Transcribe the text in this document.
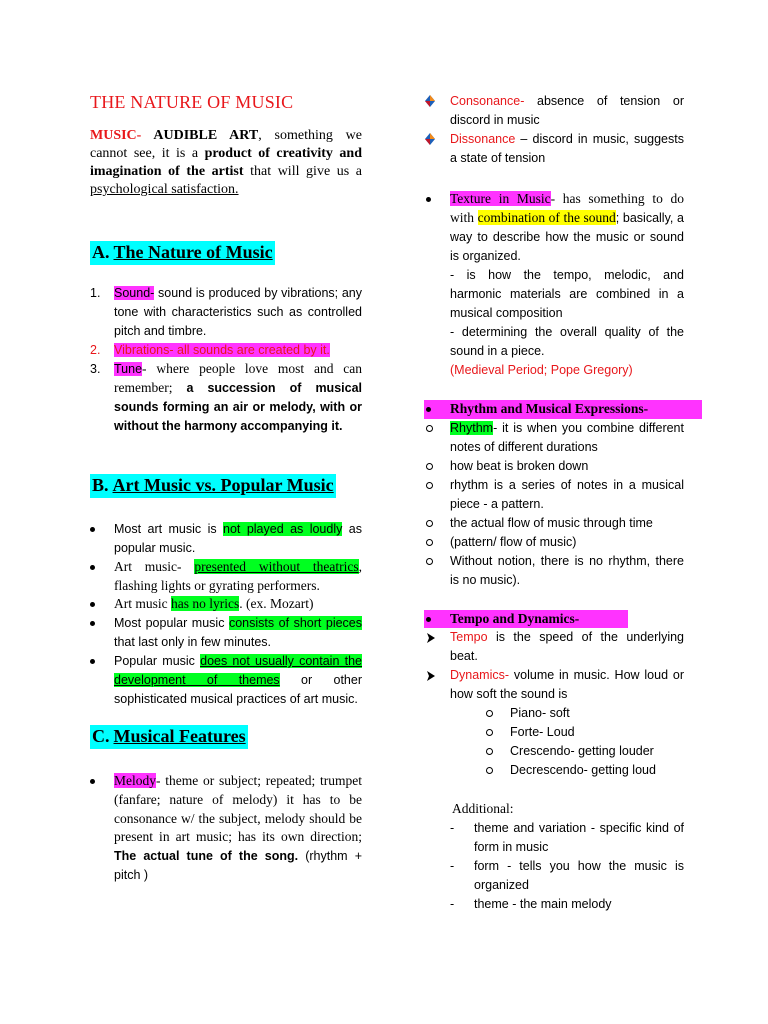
THE NATURE OF MUSIC

MUSIC- AUDIBLE ART, something we cannot see, it is a product of creativity and imagination of the artist that will give us a psychological satisfaction.

A. The Nature of Music
1.	Sound- sound is produced by vibrations; any tone with characteristics such as controlled pitch and timbre.
2.	Vibrations- all sounds are created by it.
3.	Tune- where people love most and can remember; a succession of musical sounds forming an air or melody, with or without the harmony accompanying it.
B. Art Music vs. Popular Music
Most art music is not played as loudly as popular music.
Art music- presented without theatrics, flashing lights or gyrating performers.
Art music has no lyrics. (ex. Mozart)
Most popular music consists of short pieces that last only in few minutes.
Popular music does not usually contain the development of themes or other sophisticated musical practices of art music.
C. Musical Features
Melody- theme or subject; repeated; trumpet (fanfare; nature of melody) it has to be consonance w/ the subject, melody should be present in art music; has its own direction; The actual tune of the song. (rhythm + pitch )
Consonance- absence of tension or discord in music
Dissonance – discord in music, suggests a state of tension
Texture in Music- has something to do with combination of the sound; basically, a way to describe how the music or sound is organized.
- is how the tempo, melodic, and harmonic materials are combined in a musical composition
- determining the overall quality of the sound in a piece.
(Medieval Period; Pope Gregory)
Rhythm and Musical Expressions-
Rhythm- it is when you combine different notes of different durations
how beat is broken down
rhythm is a series of notes in a musical piece - a pattern.
the actual flow of music through time
(pattern/ flow of music)
Without notion, there is no rhythm, there is no music).
Tempo and Dynamics-
Tempo is the speed of the underlying beat.
Dynamics- volume in music. How loud or how soft the sound is
Piano- soft
Forte- Loud
Crescendo- getting louder
Decrescendo- getting loud
Additional:
-	theme and variation - specific kind of form in music
-	form - tells you how the music is organized
-	theme - the main melody
